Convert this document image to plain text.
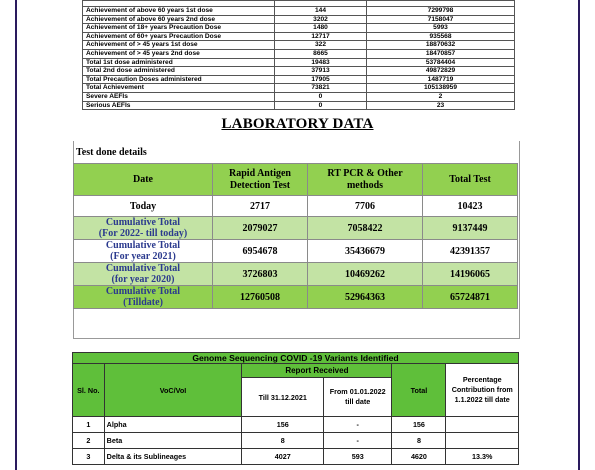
Achievement of above 60 years 1st dose	144	7299798
Achievement of above 60 years 2nd dose	3202	7158047
Achievement of 18+ years Precaution Dose	1480	5993
Achievement of 60+ years Precaution Dose	12717	935568
Achievement of > 45 years 1st dose	322	18870632
Achievement of > 45 years 2nd dose	8665	18470857
Total 1st dose administered	19483	53784404
Total 2nd dose administered	37913	49872829
Total Precaution Doses administered	17905	1487719
Total Achievement	73821	105138959
Severe AEFIs	0	2
Serious AEFIs	0	23
LABORATORY DATA
Test done details
Date	Rapid Antigen Detection Test	RT PCR & Other methods	Total Test
Today	2717	7706	10423
Cumulative Total
(For 2022- till today)	2079027	7058422	9137449
Cumulative Total
(For year 2021)	6954678	35436679	42391357
Cumulative Total
(for year 2020)	3726803	10469262	14196065
Cumulative Total
(Tilldate)	12760508	52964363	65724871
Genome Sequencing COVID -19 Variants Identified					
Sl. No.	VoC/VoI	Report Received		Total	Percentage Contribution from 1.1.2022 till date
		Till 31.12.2021	From 01.01.2022 till date		
1	Alpha	156	-	156	
2	Beta	8	-	8	
3	Delta & its Sublineages	4027	593	4620	13.3%
